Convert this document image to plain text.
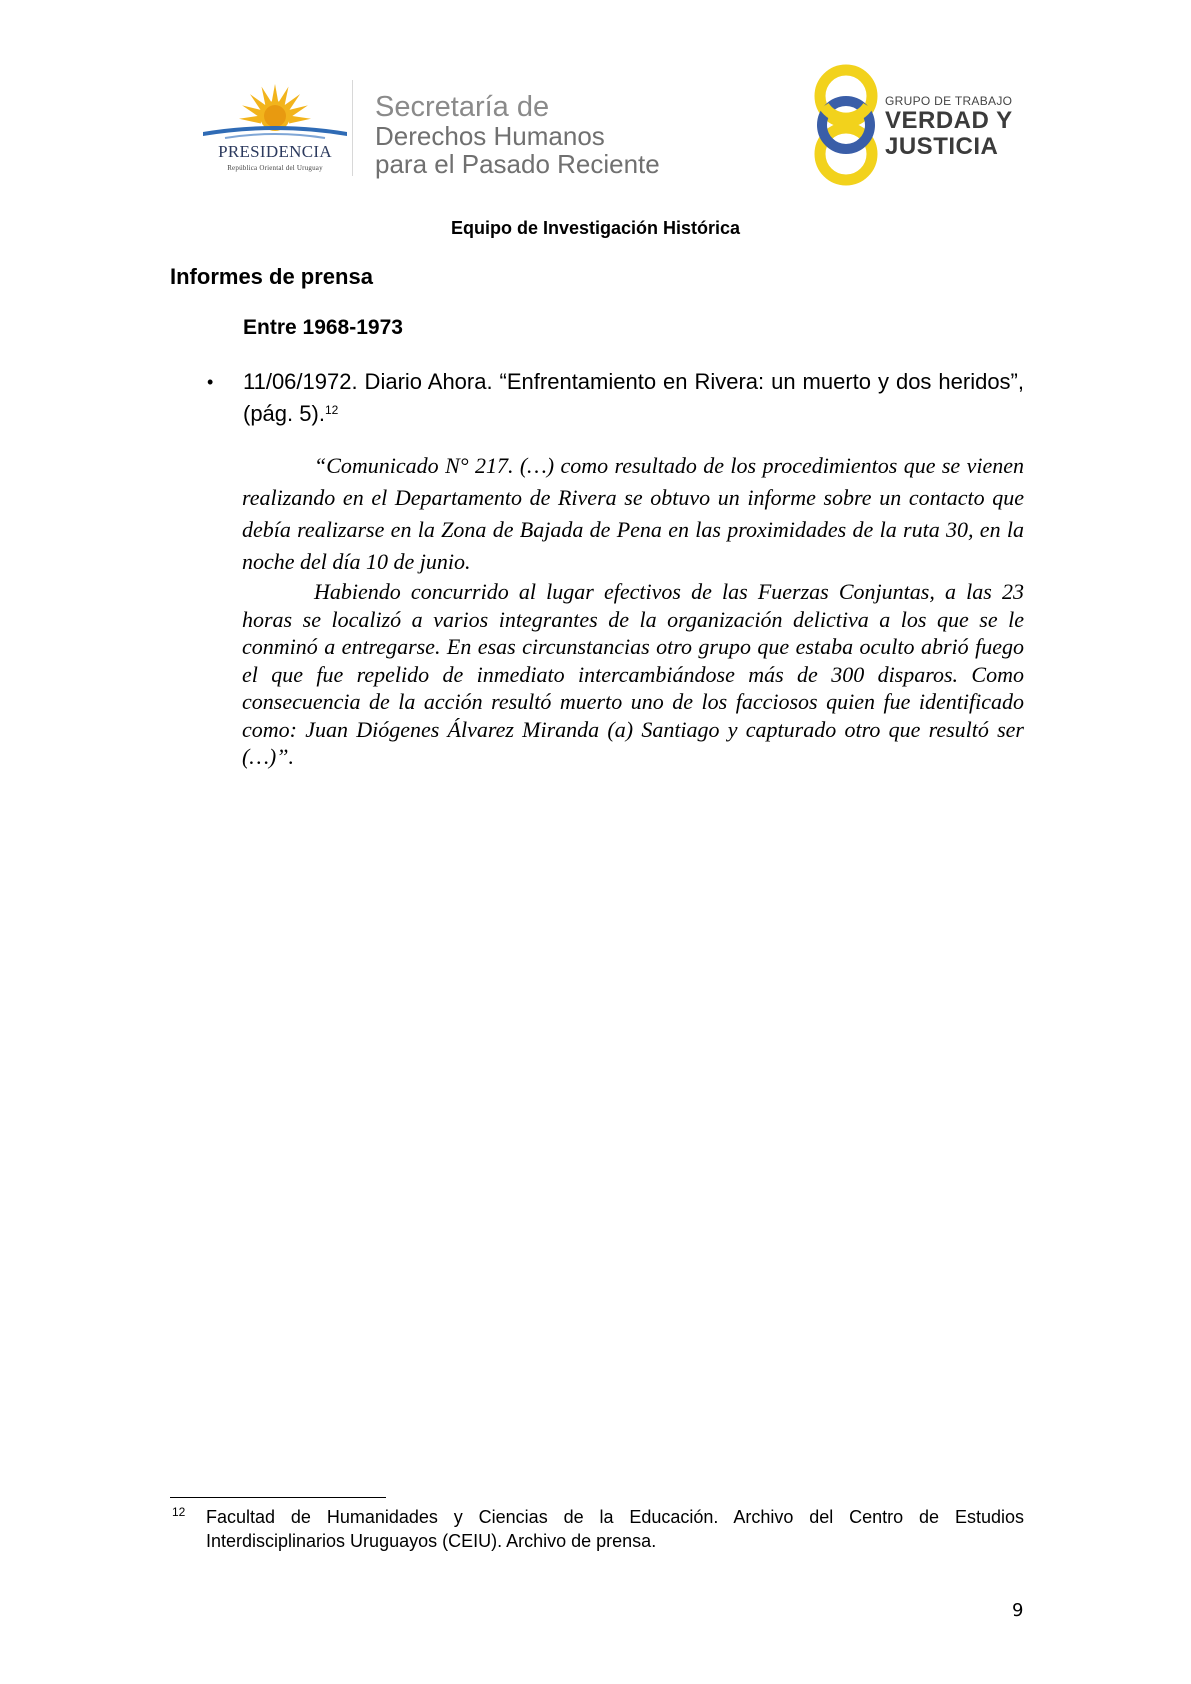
PRESIDENCIA
República Oriental del Uruguay
Secretaría de
Derechos Humanos
para el Pasado Reciente
GRUPO DE TRABAJO
VERDAD Y
JUSTICIA
Equipo de Investigación Histórica
Informes de prensa
Entre 1968-1973
• 11/06/1972. Diario Ahora. “Enfrentamiento en Rivera: un muerto y dos heridos”, (pág. 5).$^{12}$

“Comunicado N° 217. (…) como resultado de los procedimientos que se vienen realizando en el Departamento de Rivera se obtuvo un informe sobre un contacto que debía realizarse en la Zona de Bajada de Pena en las proximidades de la ruta 30, en la noche del día 10 de junio.

Habiendo concurrido al lugar efectivos de las Fuerzas Conjuntas, a las 23 horas se localizó a varios integrantes de la organización delictiva a los que se le conminó a entregarse. En esas circunstancias otro grupo que estaba oculto abrió fuego el que fue repelido de inmediato intercambiándose más de 300 disparos. Como consecuencia de la acción resultó muerto uno de los facciosos quien fue identificado como: Juan Diógenes Álvarez Miranda (a) Santiago y capturado otro que resultó ser (…)”.

12 Facultad de Humanidades y Ciencias de la Educación. Archivo del Centro de Estudios Interdisciplinarios Uruguayos (CEIU). Archivo de prensa.
9
